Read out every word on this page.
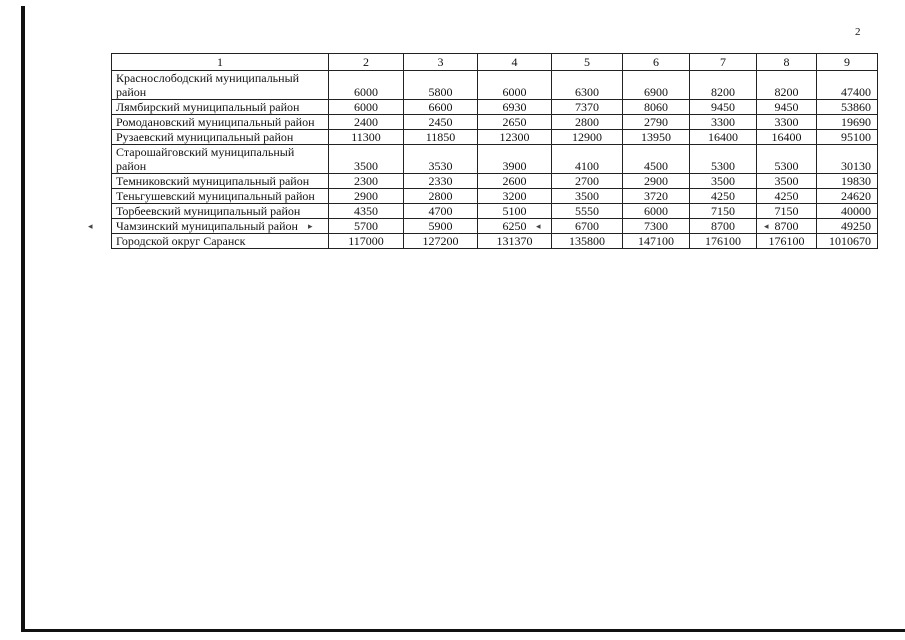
2
◂	▸	◂	◂
1	2	3	4	5	6	7	8	9
Краснослободский муниципальный район	6000	5800	6000	6300	6900	8200	8200	47400
Лямбирский муниципальный район	6000	6600	6930	7370	8060	9450	9450	53860
Ромодановский муниципальный район	2400	2450	2650	2800	2790	3300	3300	19690
Рузаевский муниципальный район	11300	11850	12300	12900	13950	16400	16400	95100
Старошайговский муниципальный район	3500	3530	3900	4100	4500	5300	5300	30130
Темниковский муниципальный район	2300	2330	2600	2700	2900	3500	3500	19830
Теньгушевский муниципальный район	2900	2800	3200	3500	3720	4250	4250	24620
Торбеевский муниципальный район	4350	4700	5100	5550	6000	7150	7150	40000
Чамзинский муниципальный район	5700	5900	6250	6700	7300	8700	8700	49250
Городской округ Саранск	117000	127200	131370	135800	147100	176100	176100	1010670
